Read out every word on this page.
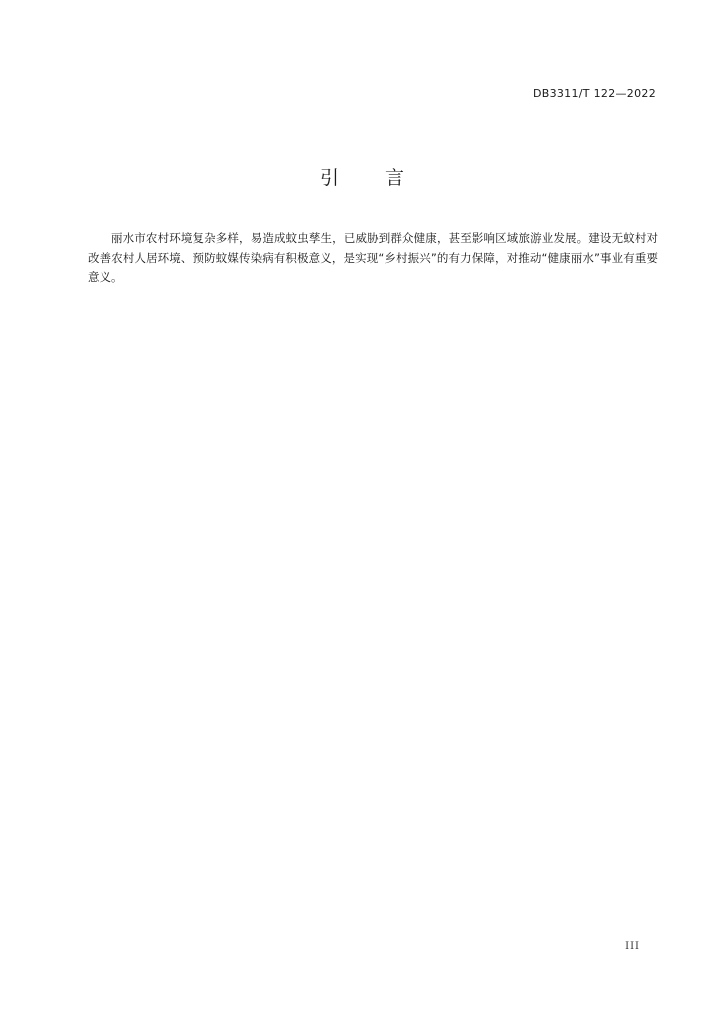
DB3311/T 122—2022
引 言

丽水市农村环境复杂多样，易造成蚊虫孳生，已威胁到群众健康，甚至影响区域旅游业发展。建设无蚊村对改善农村人居环境、预防蚊媒传染病有积极意义，是实现“乡村振兴”的有力保障，对推动“健康丽水”事业有重要意义。

III
